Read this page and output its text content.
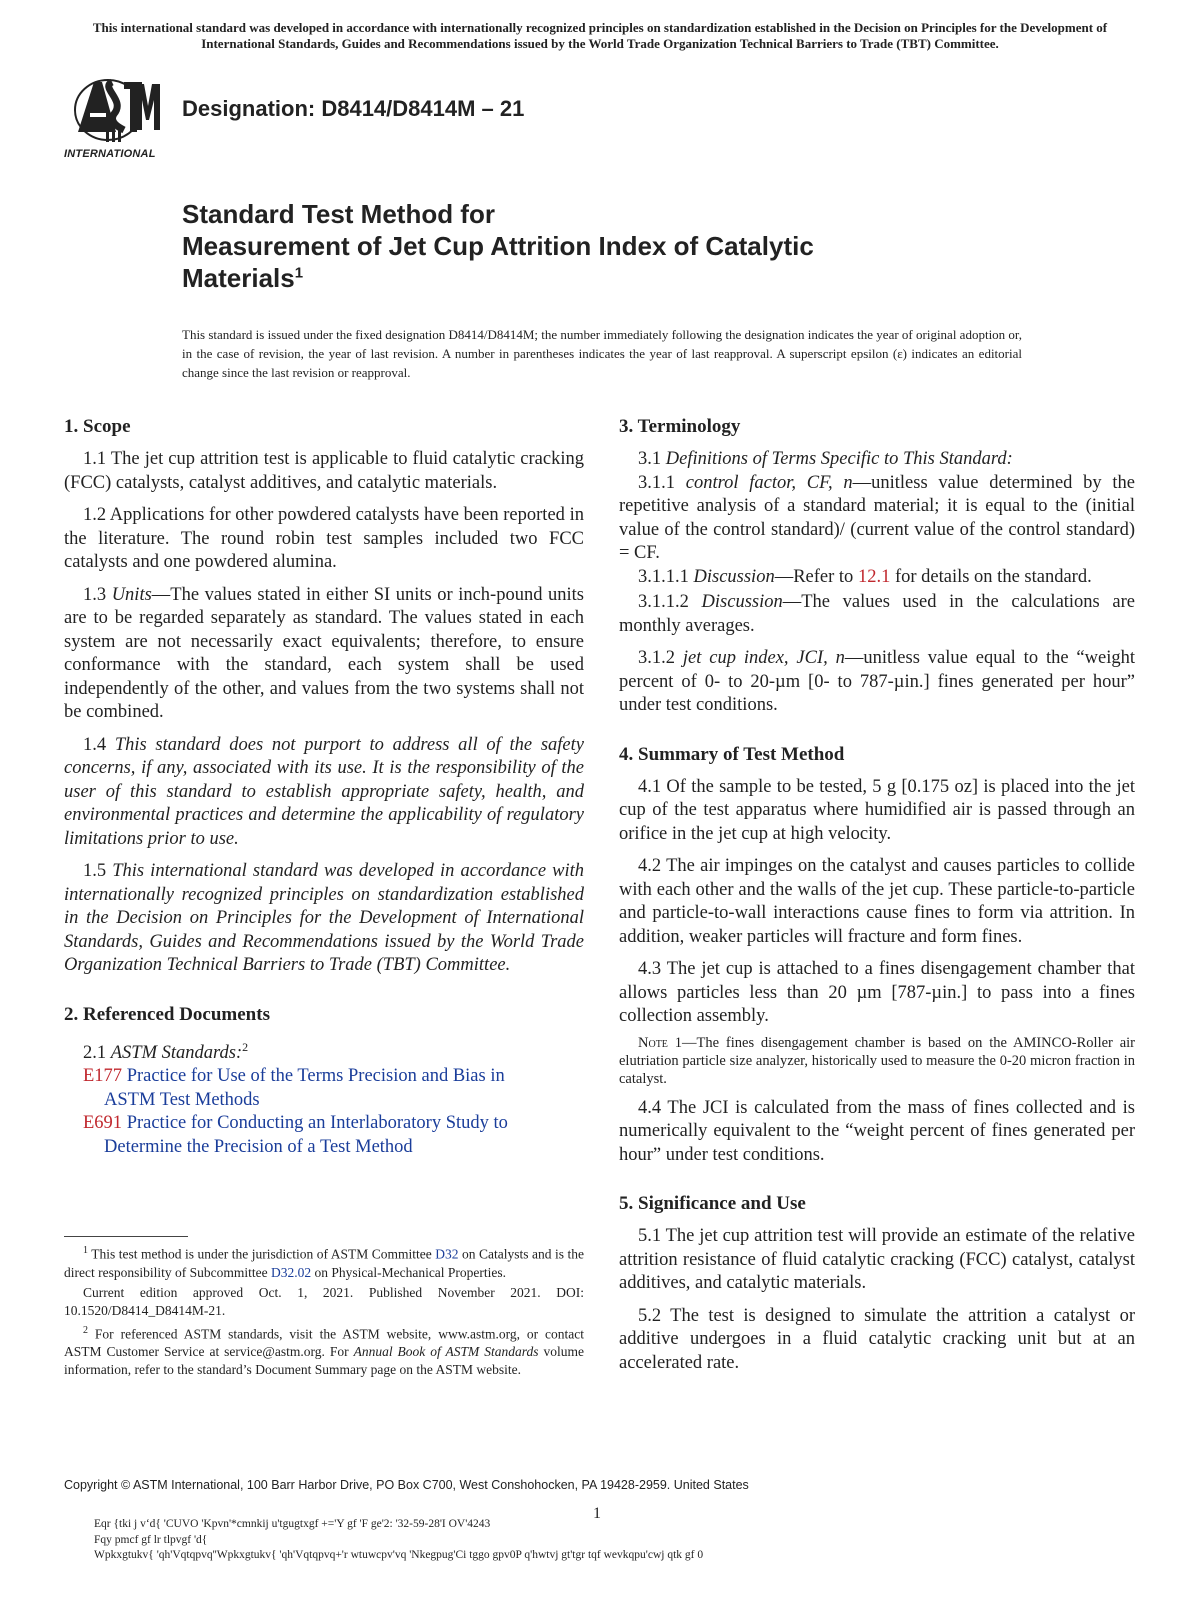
This international standard was developed in accordance with internationally recognized principles on standardization established in the Decision on Principles for the Development of International Standards, Guides and Recommendations issued by the World Trade Organization Technical Barriers to Trade (TBT) Committee.
INTERNATIONAL
Designation: D8414/D8414M – 21
Standard Test Method for
Measurement of Jet Cup Attrition Index of Catalytic
Materials$^1$
This standard is issued under the fixed designation D8414/D8414M; the number immediately following the designation indicates the year of original adoption or, in the case of revision, the year of last revision. A number in parentheses indicates the year of last reapproval. A superscript epsilon (ε) indicates an editorial change since the last revision or reapproval.
1. Scope

1.1 The jet cup attrition test is applicable to fluid catalytic cracking (FCC) catalysts, catalyst additives, and catalytic materials.

1.2 Applications for other powdered catalysts have been reported in the literature. The round robin test samples included two FCC catalysts and one powdered alumina.

1.3 Units—The values stated in either SI units or inch-pound units are to be regarded separately as standard. The values stated in each system are not necessarily exact equivalents; therefore, to ensure conformance with the standard, each system shall be used independently of the other, and values from the two systems shall not be combined.

1.4 This standard does not purport to address all of the safety concerns, if any, associated with its use. It is the responsibility of the user of this standard to establish appropriate safety, health, and environmental practices and determine the applicability of regulatory limitations prior to use.

1.5 This international standard was developed in accordance with internationally recognized principles on standardization established in the Decision on Principles for the Development of International Standards, Guides and Recommendations issued by the World Trade Organization Technical Barriers to Trade (TBT) Committee.

2. Referenced Documents
2.1 ASTM Standards:$^2$
E177 Practice for Use of the Terms Precision and Bias in
ASTM Test Methods
E691 Practice for Conducting an Interlaboratory Study to
Determine the Precision of a Test Method
3. Terminology

3.1 Definitions of Terms Specific to This Standard:

3.1.1 control factor, CF, n—unitless value determined by the repetitive analysis of a standard material; it is equal to the (initial value of the control standard)/ (current value of the control standard) = CF.

3.1.1.1 Discussion—Refer to 12.1 for details on the standard.

3.1.1.2 Discussion—The values used in the calculations are monthly averages.

3.1.2 jet cup index, JCI, n—unitless value equal to the “weight percent of 0- to 20-µm [0- to 787-µin.] fines generated per hour” under test conditions.

4. Summary of Test Method

4.1 Of the sample to be tested, 5 g [0.175 oz] is placed into the jet cup of the test apparatus where humidified air is passed through an orifice in the jet cup at high velocity.

4.2 The air impinges on the catalyst and causes particles to collide with each other and the walls of the jet cup. These particle-to-particle and particle-to-wall interactions cause fines to form via attrition. In addition, weaker particles will fracture and form fines.

4.3 The jet cup is attached to a fines disengagement chamber that allows particles less than 20 µm [787-µin.] to pass into a fines collection assembly.

Note 1—The fines disengagement chamber is based on the AMINCO-Roller air elutriation particle size analyzer, historically used to measure the 0-20 micron fraction in catalyst.

4.4 The JCI is calculated from the mass of fines collected and is numerically equivalent to the “weight percent of fines generated per hour” under test conditions.

5. Significance and Use

5.1 The jet cup attrition test will provide an estimate of the relative attrition resistance of fluid catalytic cracking (FCC) catalyst, catalyst additives, and catalytic materials.

5.2 The test is designed to simulate the attrition a catalyst or additive undergoes in a fluid catalytic cracking unit but at an accelerated rate.

$^1$ This test method is under the jurisdiction of ASTM Committee D32 on Catalysts and is the direct responsibility of Subcommittee D32.02 on Physical-Mechanical Properties.

Current edition approved Oct. 1, 2021. Published November 2021. DOI: 10.1520/D8414_D8414M-21.

$^2$ For referenced ASTM standards, visit the ASTM website, www.astm.org, or contact ASTM Customer Service at service@astm.org. For Annual Book of ASTM Standards volume information, refer to the standard’s Document Summary page on the ASTM website.

Copyright © ASTM International, 100 Barr Harbor Drive, PO Box C700, West Conshohocken, PA 19428-2959. United States
1
Eqr {tki j vʻd{ 'CUVO 'Kpvn'*cmnkij u'tgugtxgf +='Y gf 'F ge'2: '32-59-28'I OV'4243
Fqy pmcf gf lr tlpvgf 'd{
Wpkxgtukv{ 'qh'Vqtqpvq''Wpkxgtukv{ 'qh'Vqtqpvq+'r wtuwcpv'vq 'Nkegpug'Ci tggo gpv0P q'hwtvj gt'tgr tqf wevkqpu'cwj qtk gf 0
